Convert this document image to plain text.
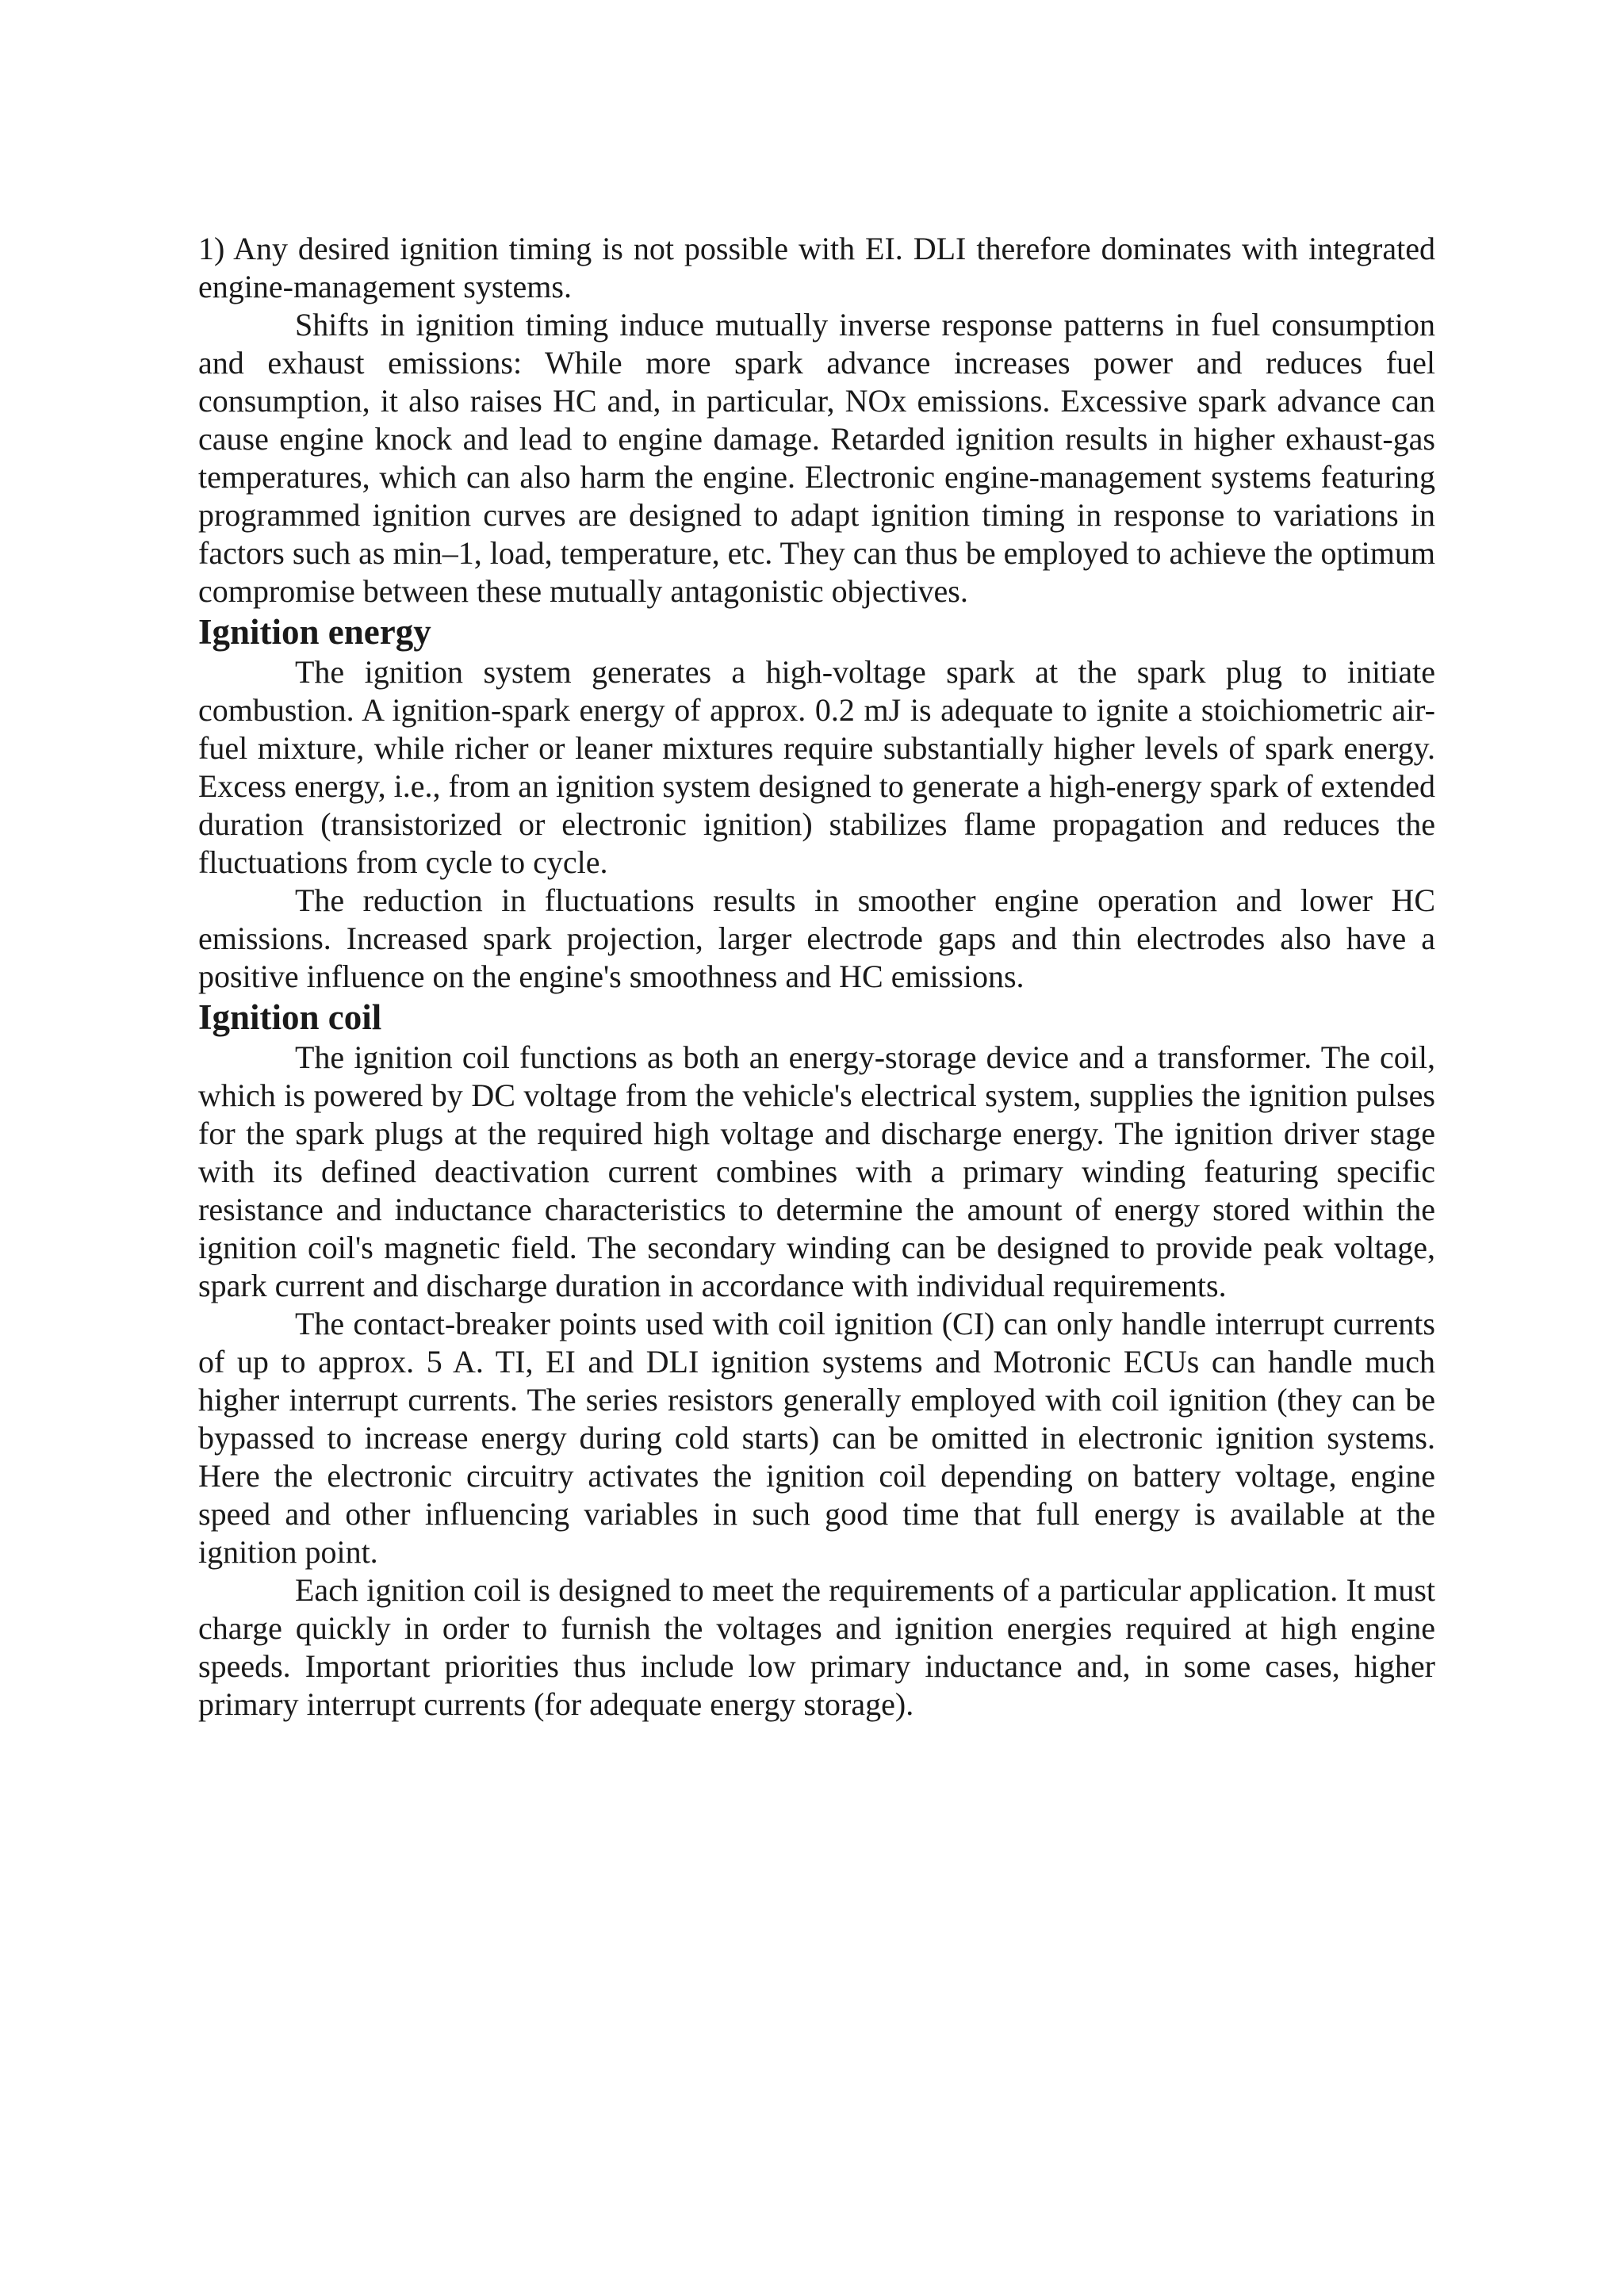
1) Any desired ignition timing is not possible with EI. DLI therefore dominates with integrated engine-management systems.

Shifts in ignition timing induce mutually inverse response patterns in fuel consumption and exhaust emissions: While more spark advance increases power and reduces fuel consumption, it also raises HC and, in particular, NOx emissions. Excessive spark advance can cause engine knock and lead to engine damage. Retarded ignition results in higher exhaust-gas temperatures, which can also harm the engine. Electronic engine-management systems featuring programmed ignition curves are designed to adapt ignition timing in response to variations in factors such as min–1, load, temperature, etc. They can thus be employed to achieve the optimum compromise between these mutually antagonistic objectives.

Ignition energy

The ignition system generates a high-voltage spark at the spark plug to initiate combustion. A ignition-spark energy of approx. 0.2 mJ is adequate to ignite a stoichiometric air-fuel mixture, while richer or leaner mixtures require substantially higher levels of spark energy. Excess energy, i.e., from an ignition system designed to generate a high-energy spark of extended duration (transistorized or electronic ignition) stabilizes flame propagation and reduces the fluctuations from cycle to cycle.

The reduction in fluctuations results in smoother engine operation and lower HC emissions. Increased spark projection, larger electrode gaps and thin electrodes also have a positive influence on the engine's smoothness and HC emissions.

Ignition coil

The ignition coil functions as both an energy-storage device and a transformer. The coil, which is powered by DC voltage from the vehicle's electrical system, supplies the ignition pulses for the spark plugs at the required high voltage and discharge energy. The ignition driver stage with its defined deactivation current combines with a primary winding featuring specific resistance and inductance characteristics to determine the amount of energy stored within the ignition coil's magnetic field. The secondary winding can be designed to provide peak voltage, spark current and discharge duration in accordance with individual requirements.

The contact-breaker points used with coil ignition (CI) can only handle interrupt currents of up to approx. 5 A. TI, EI and DLI ignition systems and Motronic ECUs can handle much higher interrupt currents. The series resistors generally employed with coil ignition (they can be bypassed to increase energy during cold starts) can be omitted in electronic ignition systems. Here the electronic circuitry activates the ignition coil depending on battery voltage, engine speed and other influencing variables in such good time that full energy is available at the ignition point.

Each ignition coil is designed to meet the requirements of a particular application. It must charge quickly in order to furnish the voltages and ignition energies required at high engine speeds. Important priorities thus include low primary inductance and, in some cases, higher primary interrupt currents (for adequate energy storage).
